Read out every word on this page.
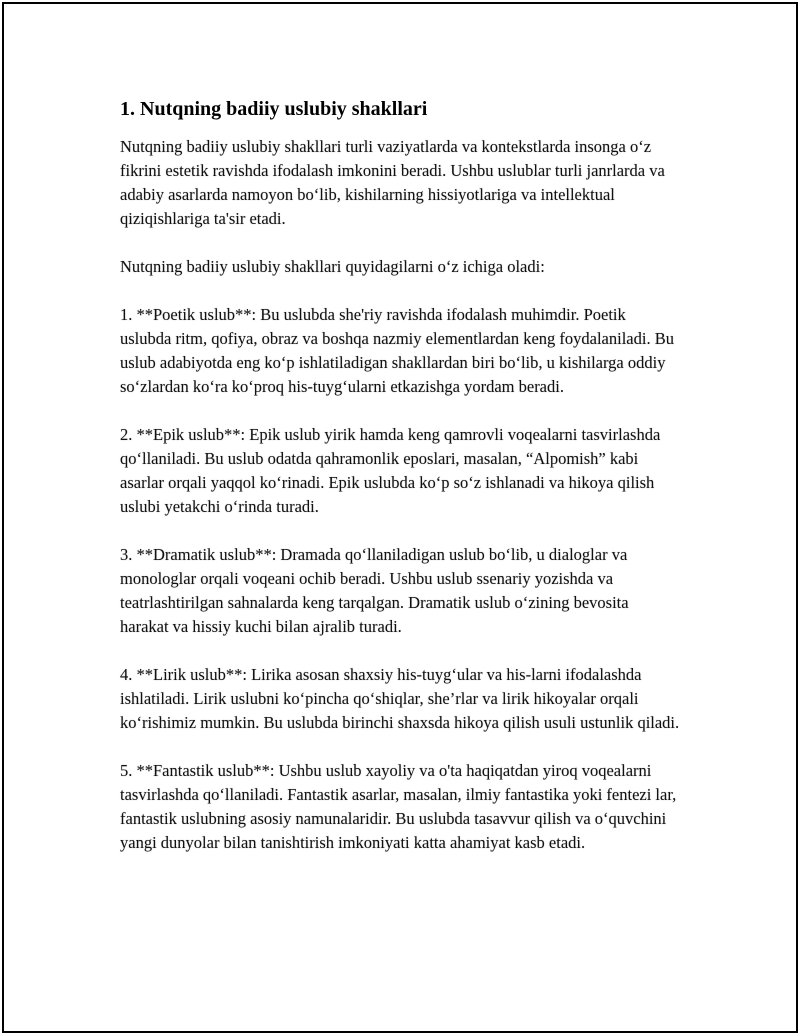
1. Nutqning badiiy uslubiy shakllari

Nutqning badiiy uslubiy shakllari turli vaziyatlarda va kontekstlarda insonga o‘z fikrini estetik ravishda ifodalash imkonini beradi. Ushbu uslublar turli janrlarda va adabiy asarlarda namoyon bo‘lib, kishilarning hissiyotlariga va intellektual qiziqishlariga ta'sir etadi.

Nutqning badiiy uslubiy shakllari quyidagilarni o‘z ichiga oladi:

1. **Poetik uslub**: Bu uslubda she'riy ravishda ifodalash muhimdir. Poetik uslubda ritm, qofiya, obraz va boshqa nazmiy elementlardan keng foydalaniladi. Bu uslub adabiyotda eng ko‘p ishlatiladigan shakllardan biri bo‘lib, u kishilarga oddiy so‘zlardan ko‘ra ko‘proq his-tuyg‘ularni etkazishga yordam beradi.

2. **Epik uslub**: Epik uslub yirik hamda keng qamrovli voqealarni tasvirlashda qo‘llaniladi. Bu uslub odatda qahramonlik eposlari, masalan, “Alpomish” kabi asarlar orqali yaqqol ko‘rinadi. Epik uslubda ko‘p so‘z ishlanadi va hikoya qilish uslubi yetakchi o‘rinda turadi.

3. **Dramatik uslub**: Dramada qo‘llaniladigan uslub bo‘lib, u dialoglar va monologlar orqali voqeani ochib beradi. Ushbu uslub ssenariy yozishda va teatrlashtirilgan sahnalarda keng tarqalgan. Dramatik uslub o‘zining bevosita harakat va hissiy kuchi bilan ajralib turadi.

4. **Lirik uslub**: Lirika asosan shaxsiy his-tuyg‘ular va his-larni ifodalashda ishlatiladi. Lirik uslubni ko‘pincha qo‘shiqlar, she’rlar va lirik hikoyalar orqali ko‘rishimiz mumkin. Bu uslubda birinchi shaxsda hikoya qilish usuli ustunlik qiladi.

5. **Fantastik uslub**: Ushbu uslub xayoliy va o'ta haqiqatdan yiroq voqealarni tasvirlashda qo‘llaniladi. Fantastik asarlar, masalan, ilmiy fantastika yoki fentezi lar, fantastik uslubning asosiy namunalaridir. Bu uslubda tasavvur qilish va o‘quvchini yangi dunyolar bilan tanishtirish imkoniyati katta ahamiyat kasb etadi.
